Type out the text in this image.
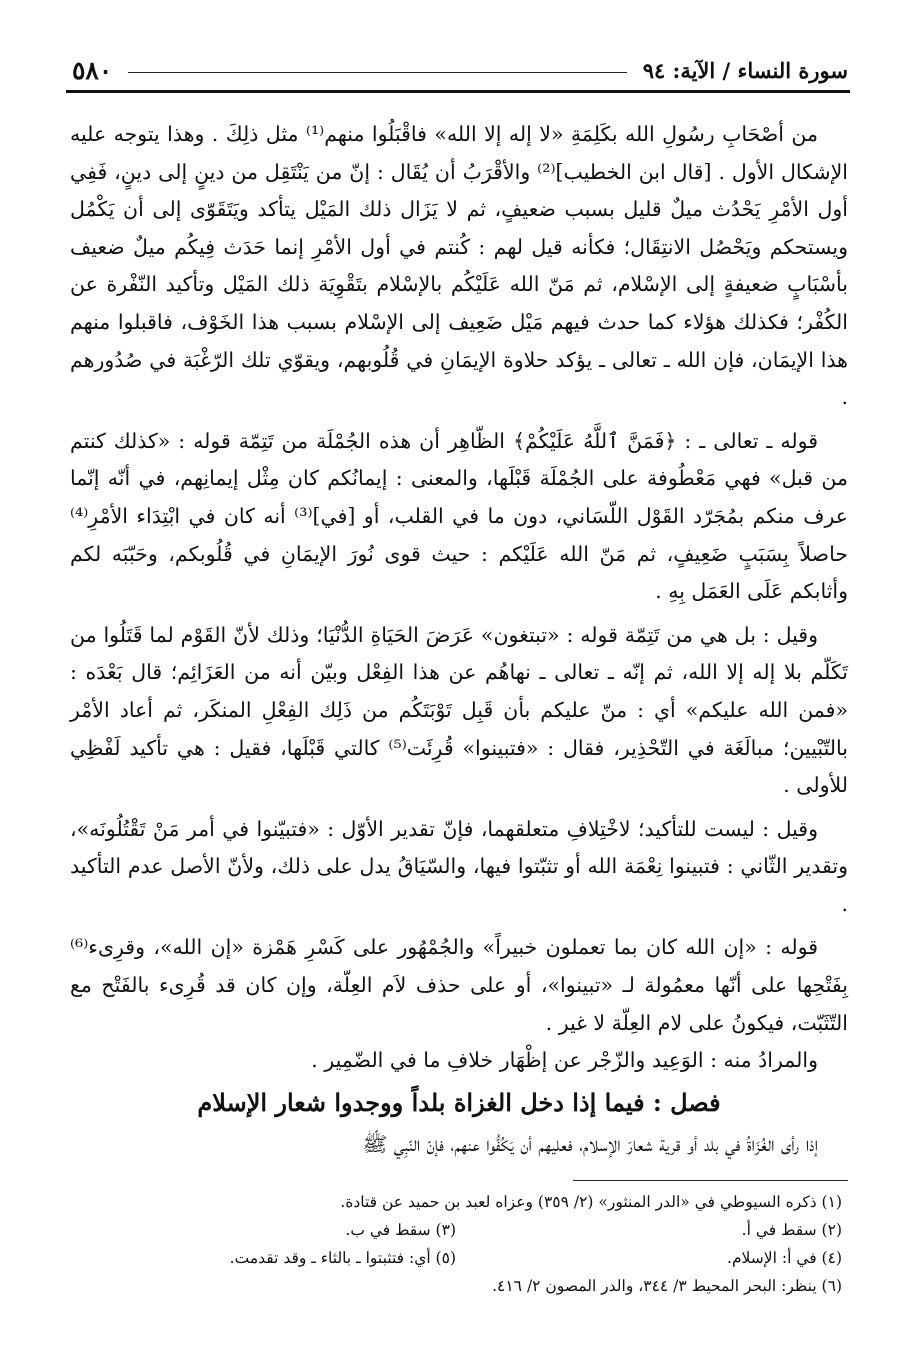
سورة النساء / الآية: ٩٤
٥٨٠

من أصْحَابِ رسُولِ الله بكَلِمَةِ «لا إله إلا الله» فاقْبَلُوا منهم⁽¹⁾ مثل ذلِكَ . وهذا يتوجه عليه الإشكال الأول . [قال ابن الخطيب]⁽²⁾ والأقْرَبُ أن يُقَال : إنّ من يَنْتَقِل من دينٍ إلى دينٍ، فَفِي أول الأمْرِ يَحْدُث ميلٌ قليل بسبب ضعيفٍ، ثم لا يَزَال ذلك المَيْل يتأكد ويَتَقَوّى إلى أن يَكْمُل ويستحكم ويَحْصُل الانتِقَال؛ فكأنه قيل لهم : كُنتم في أول الأمْرِ إنما حَدَث فِيكُم ميلٌ ضعيف بأسْبَابٍ ضعيفةٍ إلى الإسْلام، ثم مَنّ الله عَلَيْكُم بالإسْلام بتَقْوِيَة ذلك المَيْل وتأكيد النّفْرة عن الكُفْر؛ فكذلك هؤلاء كما حدث فيهم مَيْل ضَعِيف إلى الإسْلام بسبب هذا الخَوْف، فاقبلوا منهم هذا الإيمَان، فإن الله ـ تعالى ـ يؤكد حلاوة الإيمَانِ في قُلُوبهم، ويقوّي تلك الرّغْبَة في صُدُورهم .

قوله ـ تعالى ـ : ﴿فَمَنَّ ٱللَّهُ عَلَيْكُمْ﴾ الظّاهِر أن هذه الجُمْلَة من تَتِمّة قوله : «كذلك كنتم من قبل» فهي مَعْطُوفة على الجُمْلَة قَبْلَها، والمعنى : إيمانُكم كان مِثْل إيمانِهم، في أنّه إنّما عرف منكم بمُجَرّد القَوْل اللّسَاني، دون ما في القلب، أو [في]⁽³⁾ أنه كان في ابْتِدَاء الأمْرِ⁽⁴⁾ حاصلاً بِسَبَبٍ ضَعِيفٍ، ثم مَنّ الله عَلَيْكم : حيث قوى نُورَ الإيمَانِ في قُلُوبكم، وحَبّبَه لكم وأثابكم عَلَى العَمَل بِهِ .

وقيل : بل هي من تَتِمّة قوله : «تبتغون» عَرَضَ الحَيَاةِ الدُّنْيَا؛ وذلك لأنّ القَوْم لما قَتَلُوا من تَكَلّم بلا إله إلا الله، ثم إنّه ـ تعالى ـ نهاهُم عن هذا الفِعْل وبيّن أنه من العَزَائِم؛ قال بَعْدَه : «فمن الله عليكم» أي : منّ عليكم بأن قَبِل تَوْبَتَكُم من ذَلِك الفِعْلِ المنكَر، ثم أعاد الأمْر بالتّبْيين؛ مبالَغَة في التّحْذِير، فقال : «فتبينوا» قُرِئَت⁽⁵⁾ كالتي قَبْلَها، فقيل : هي تأكيد لَفْظِي للأولى .

وقيل : ليست للتأكيد؛ لاخْتِلافِ متعلقهما، فإنّ تقدير الأوّل : «فتبيّنوا في أمر مَنْ تَقْتُلُونَه»، وتقدير الثّاني : فتبينوا نِعْمَة الله أو تثبّتوا فيها، والسّيَاقُ يدل على ذلك، ولأنّ الأصل عدم التأكيد .

قوله : «إن الله كان بما تعملون خبيراً» والجُمْهُور على كَسْرِ هَمْزة «إن الله»، وقرِىء⁽⁶⁾ بِفَتْحِها على أنّها معمُولة لـ «تبينوا»، أو على حذف لاَم العِلّة، وإن كان قد قُرِىء بالفَتْح مع التّثَبّت، فيكونُ على لام العِلّة لا غير .

والمرادُ منه : الوَعِيد والزّجْر عن إظْهَار خلافِ ما في الضّمِير .

فصل : فيما إذا دخل الغزاة بلداً ووجدوا شعار الإسلام

إذا رأى الغُزَاةُ في بلد أو قرية شعارَ الإسلام، فعليهم أن يَكُفُّوا عنهم، فإنّ النّبِي ﷺ

(١) ذكره السيوطي في «الدر المنثور» (٢/ ٣٥٩) وعزاه لعبد بن حميد عن قتادة.
(٢) سقط في أ.
(٣) سقط في ب.
(٤) في أ: الإسلام.
(٥) أي: فتثبتوا ـ بالثاء ـ وقد تقدمت.
(٦) ينظر: البحر المحيط ٣/ ٣٤٤، والدر المصون ٢/ ٤١٦.
